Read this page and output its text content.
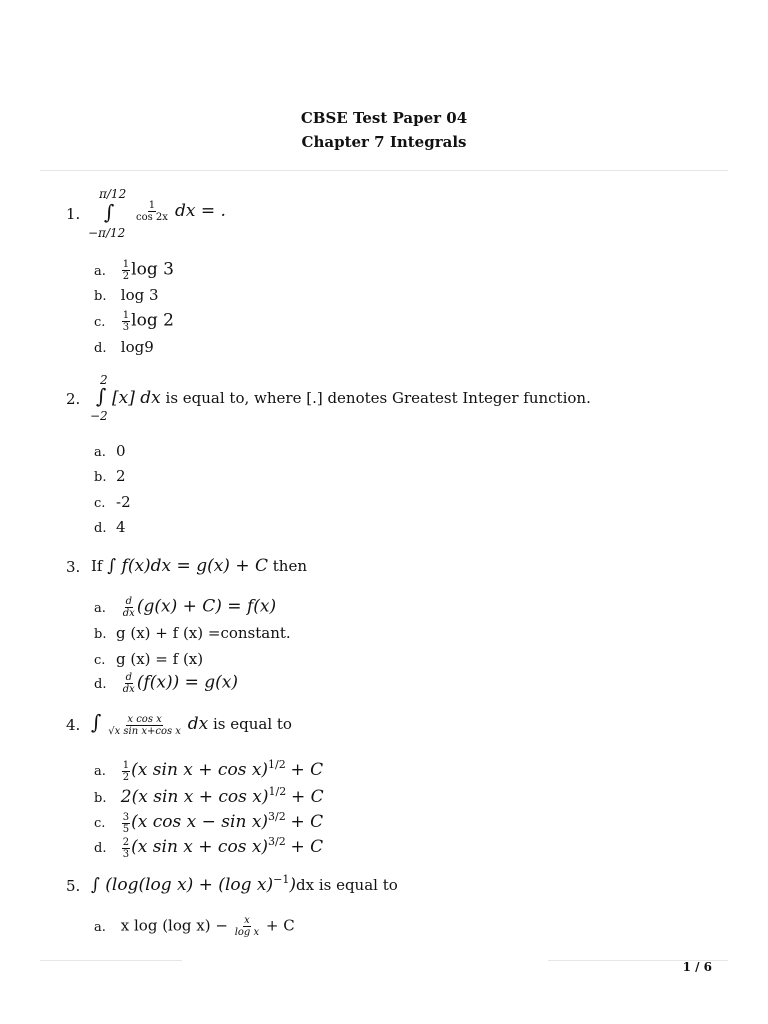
CBSE Test Paper 04
Chapter 7 Integrals
1.
π/12
∫
−π/12
$\frac{1}{\cos 2x}$ dx = .
a. $\frac{1}{2}$ log 3
b. log 3
c. $\frac{1}{3}$ log 2
d. log9
2
2. ∫
−2
[x] dx is equal to, where [.] denotes Greatest Integer function.
a. 0
b. 2
c. -2
d. 4
3. If ∫ f(x)dx = g(x) + C then
a. $\frac{d}{dx} (g(x) + C) = f(x)$
b. g (x) + f (x) =constant.
c. g (x) = f (x)
d. $\frac{d}{dx} (f(x)) = g(x)$
4. ∫ $\frac{\text{x cos x}}{\text{√x sin x+cos x}}$ dx is equal to
a. $\frac{1}{2} (x$ sin x + cos x)$^{1/2}$ + C
b. 2(x sin x + cos x)$^{1/2}$ + C
c. $\frac{3}{5} (x$ cos x − sin x)$^{3/2}$ + C
d. $\frac{2}{3} (x$ sin x + cos x)$^{3/2}$ + C
5. ∫ (log(log x) + (log x)$^{-1}$)dx is equal to
a. x log (log $x) - \frac{x}{\text{log x}} + C$
1 / 6
